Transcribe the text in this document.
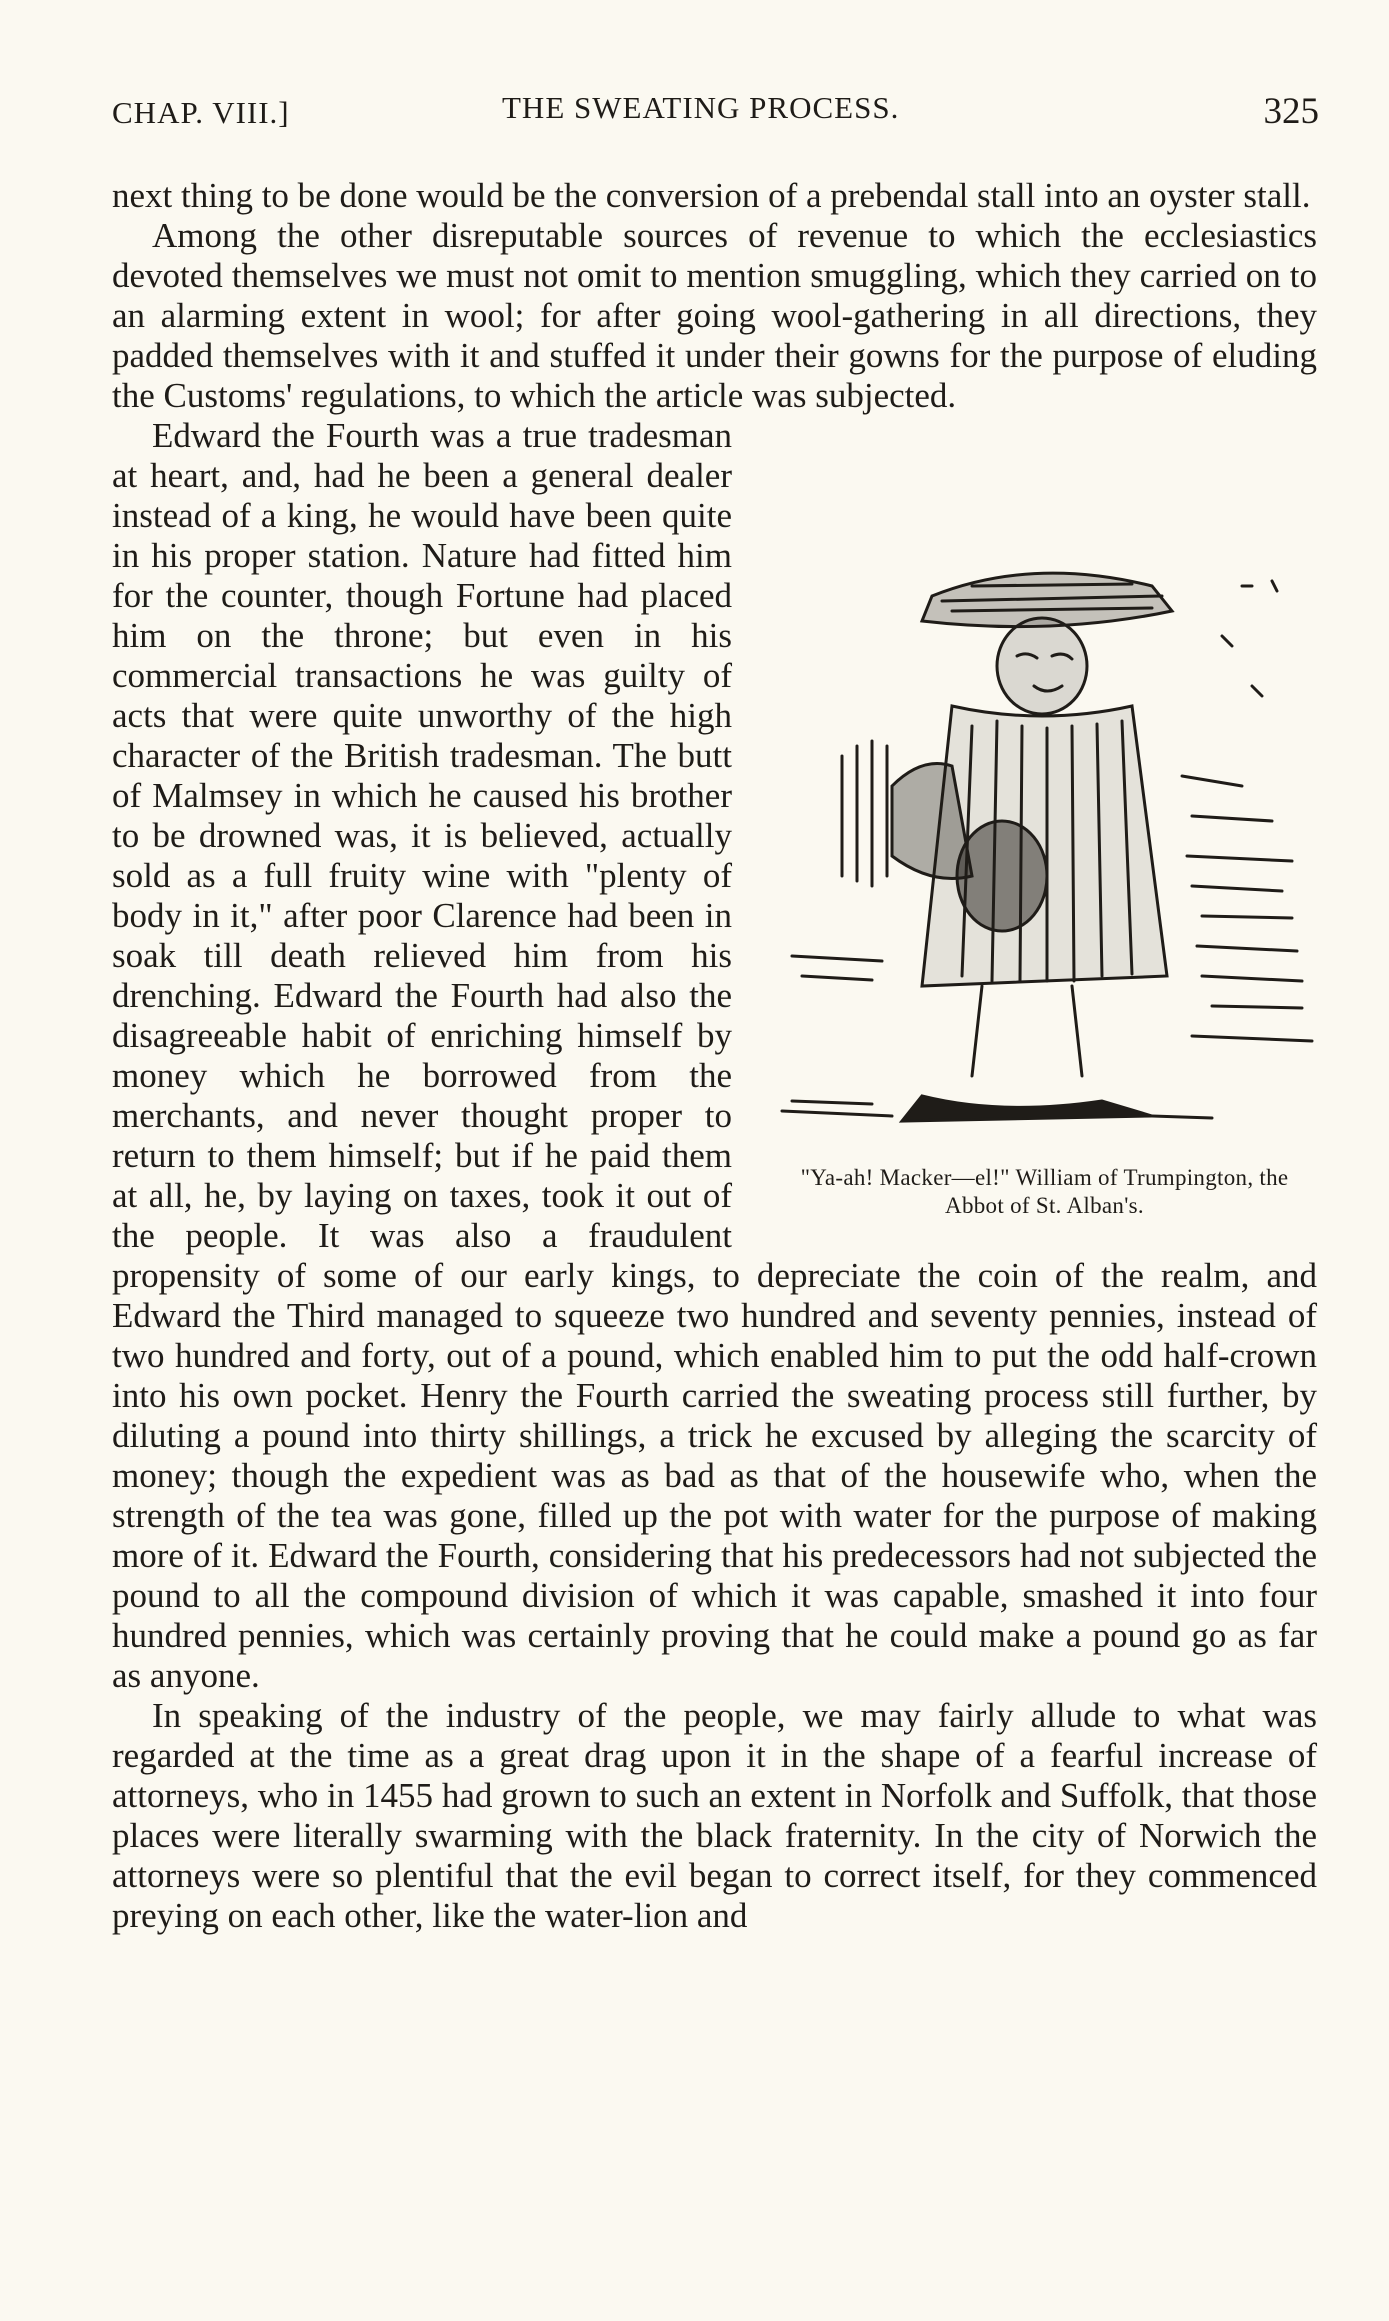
CHAP. VIII.]	THE SWEATING PROCESS.	325

next thing to be done would be the conversion of a prebendal stall into an oyster stall.

Among the other disreputable sources of revenue to which the ecclesiastics devoted themselves we must not omit to mention smuggling, which they carried on to an alarming extent in wool; for after going wool-gathering in all directions, they padded themselves with it and stuffed it under their gowns for the purpose of eluding the Customs' regulations, to which the article was subjected.

"Ya-ah! Macker—el!" William of Trumpington, the Abbot of St. Alban's.

Edward the Fourth was a true tradesman at heart, and, had he been a general dealer instead of a king, he would have been quite in his proper station. Nature had fitted him for the counter, though Fortune had placed him on the throne; but even in his commercial transactions he was guilty of acts that were quite unworthy of the high character of the British tradesman. The butt of Malmsey in which he caused his brother to be drowned was, it is believed, actually sold as a full fruity wine with "plenty of body in it," after poor Clarence had been in soak till death relieved him from his drenching. Edward the Fourth had also the disagreeable habit of enriching himself by money which he borrowed from the merchants, and never thought proper to return to them himself; but if he paid them at all, he, by laying on taxes, took it out of the people. It was also a fraudulent propensity of some of our early kings, to depreciate the coin of the realm, and Edward the Third managed to squeeze two hundred and seventy pennies, instead of two hundred and forty, out of a pound, which enabled him to put the odd half-crown into his own pocket. Henry the Fourth carried the sweating process still further, by diluting a pound into thirty shillings, a trick he excused by alleging the scarcity of money; though the expedient was as bad as that of the housewife who, when the strength of the tea was gone, filled up the pot with water for the purpose of making more of it. Edward the Fourth, considering that his predecessors had not subjected the pound to all the compound division of which it was capable, smashed it into four hundred pennies, which was certainly proving that he could make a pound go as far as anyone.

In speaking of the industry of the people, we may fairly allude to what was regarded at the time as a great drag upon it in the shape of a fearful increase of attorneys, who in 1455 had grown to such an extent in Norfolk and Suffolk, that those places were literally swarming with the black fraternity. In the city of Norwich the attorneys were so plentiful that the evil began to correct itself, for they commenced preying on each other, like the water-lion and
